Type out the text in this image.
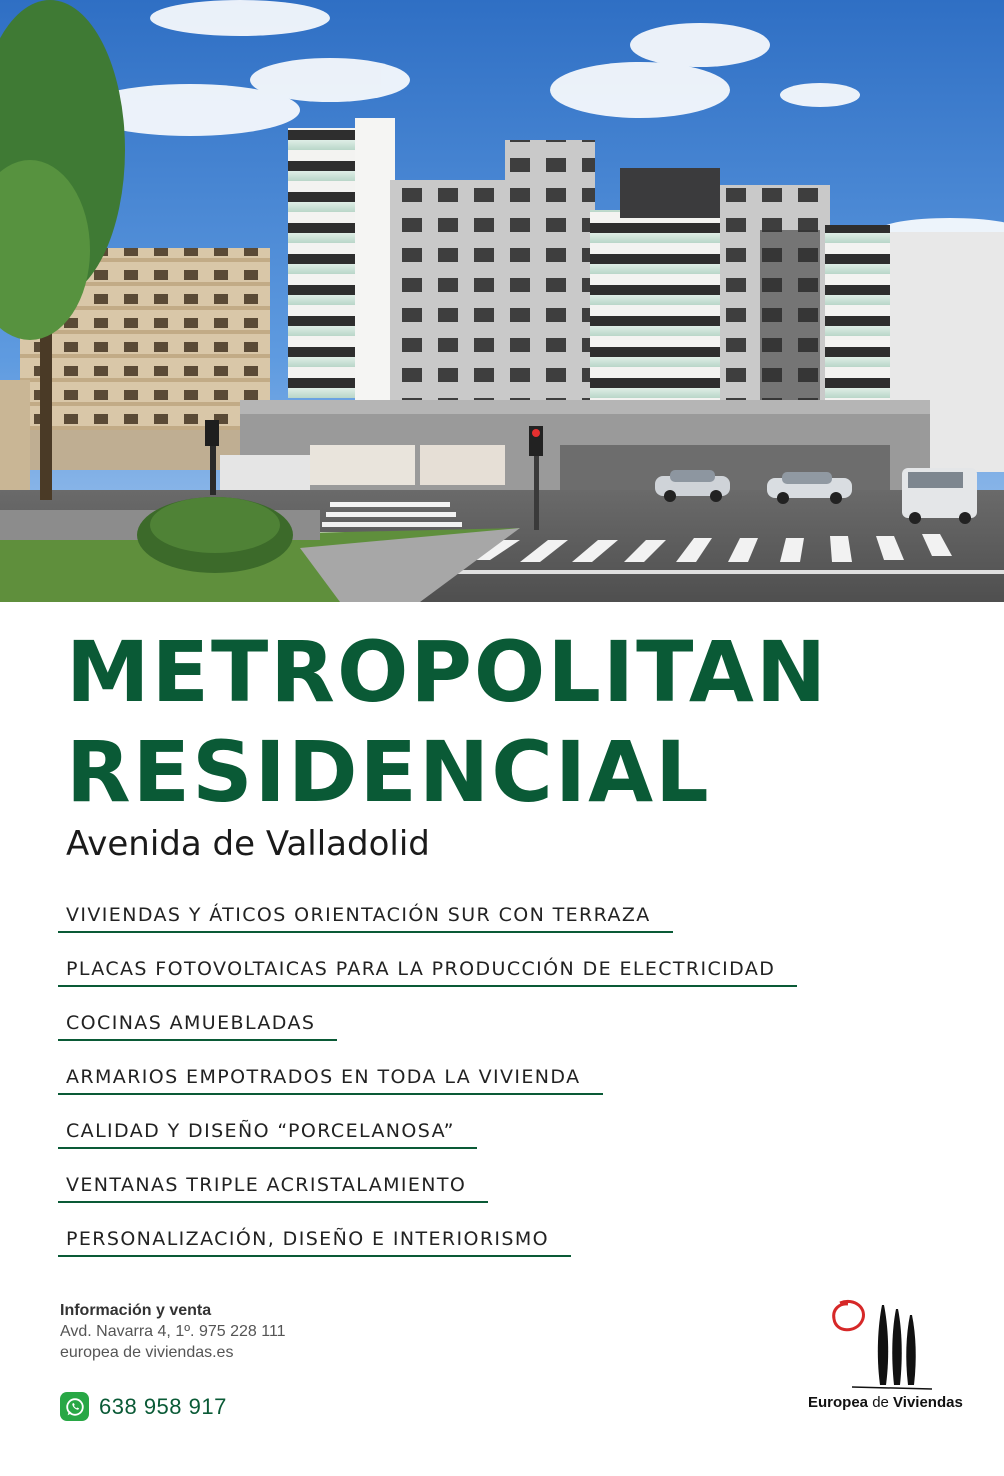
METROPOLITAN
RESIDENCIAL

Avenida de Valladolid

VIVIENDAS Y ÁTICOS ORIENTACIÓN SUR CON TERRAZA
PLACAS FOTOVOLTAICAS PARA LA PRODUCCIÓN DE ELECTRICIDAD
COCINAS AMUEBLADAS
ARMARIOS EMPOTRADOS EN TODA LA VIVIENDA
CALIDAD Y DISEÑO “PORCELANOSA”
VENTANAS TRIPLE ACRISTALAMIENTO
PERSONALIZACIÓN, DISEÑO E INTERIORISMO
Información y venta
Avd. Navarra 4, 1º. 975 228 111
europea de viviendas.es
638 958 917	Europea de Viviendas
